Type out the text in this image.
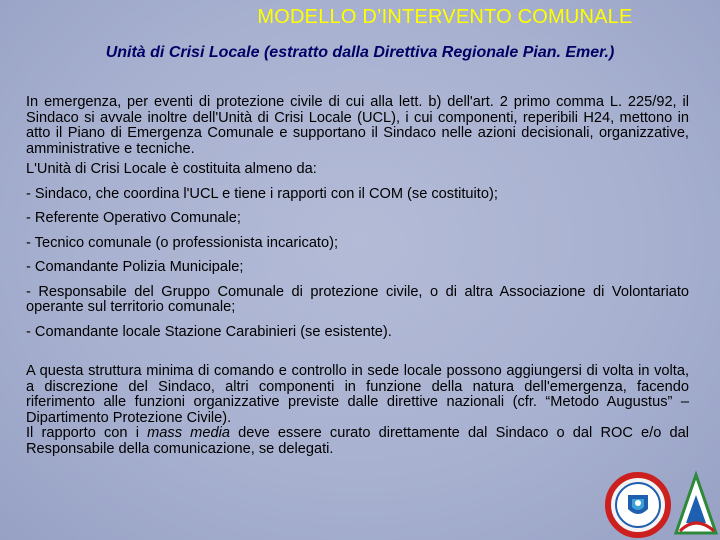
MODELLO D’INTERVENTO COMUNALE
Unità di Crisi Locale (estratto dalla Direttiva Regionale Pian. Emer.)

In emergenza, per eventi di protezione civile di cui alla lett. b) dell'art. 2 primo comma L. 225/92, il Sindaco si avvale inoltre dell'Unità di Crisi Locale (UCL), i cui componenti, reperibili H24, mettono in atto il Piano di Emergenza Comunale e supportano il Sindaco nelle azioni decisionali, organizzative, amministrative e tecniche.

L'Unità di Crisi Locale è costituita almeno da:

- Sindaco, che coordina l'UCL e tiene i rapporti con il COM (se costituito);

- Referente Operativo Comunale;

- Tecnico comunale (o professionista incaricato);

- Comandante Polizia Municipale;

- Responsabile del Gruppo Comunale di protezione civile, o di altra Associazione di Volontariato operante sul territorio comunale;

- Comandante locale Stazione Carabinieri (se esistente).

A questa struttura minima di comando e controllo in sede locale possono aggiungersi di volta in volta, a discrezione del Sindaco, altri componenti in funzione della natura dell'emergenza, facendo riferimento alle funzioni organizzative previste dalle direttive nazionali (cfr. “Metodo Augustus” – Dipartimento Protezione Civile).

Il rapporto con i mass media deve essere curato direttamente dal Sindaco o dal ROC e/o dal Responsabile della comunicazione, se delegati.
